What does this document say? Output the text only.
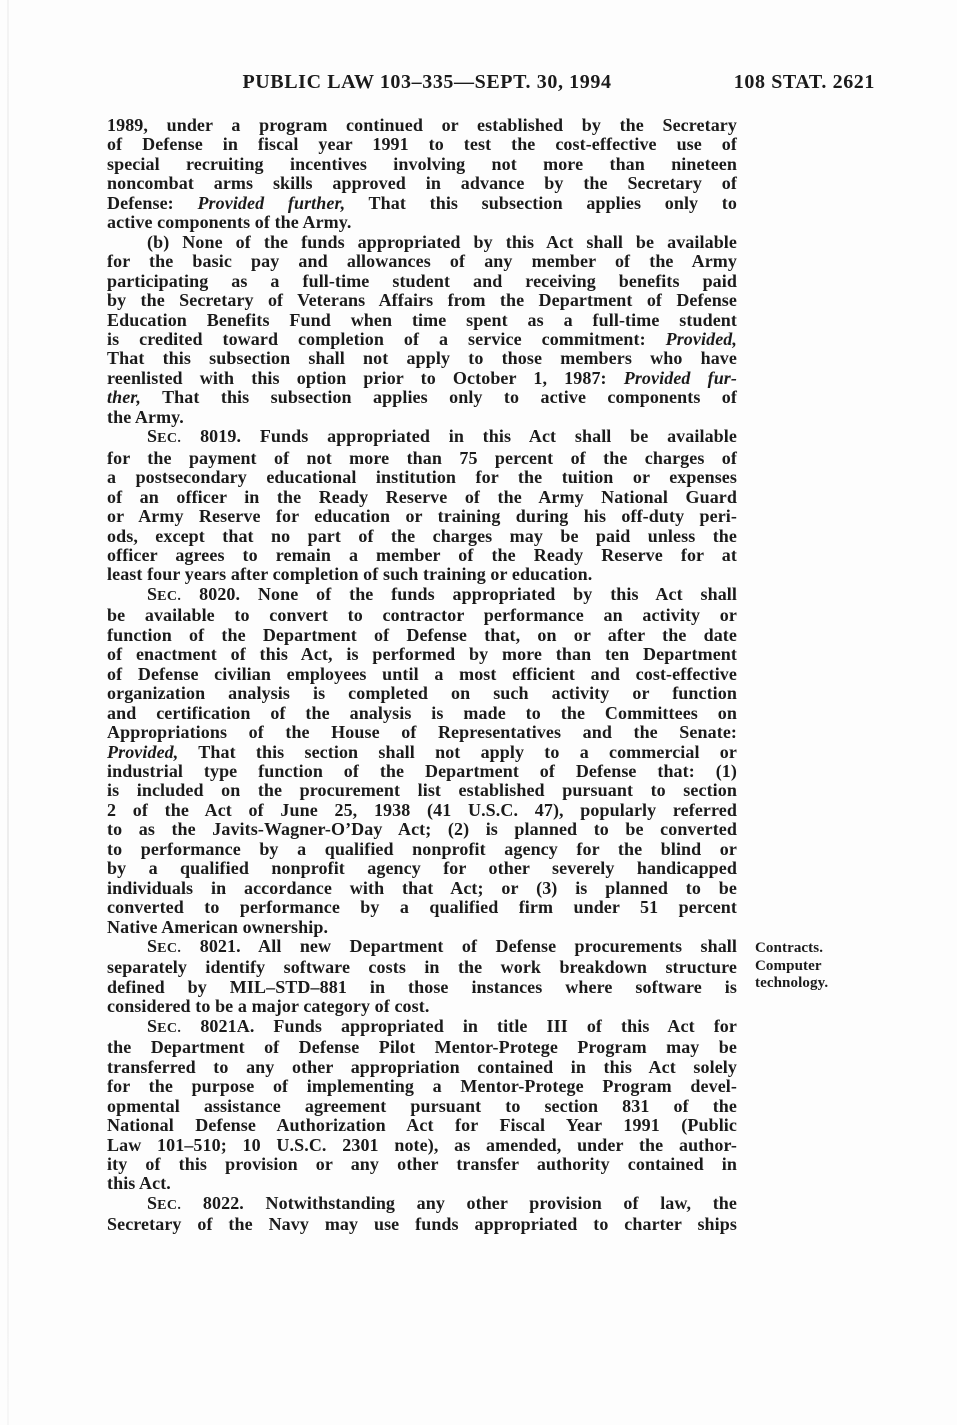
PUBLIC LAW 103–335—SEPT. 30, 1994	108 STAT. 2621
1989, under a program continued or established by the Secretary
of Defense in fiscal year 1991 to test the cost-effective use of
special recruiting incentives involving not more than nineteen
noncombat arms skills approved in advance by the Secretary of
Defense: Provided further, That this subsection applies only to
active components of the Army.
(b) None of the funds appropriated by this Act shall be available
for the basic pay and allowances of any member of the Army
participating as a full-time student and receiving benefits paid
by the Secretary of Veterans Affairs from the Department of Defense
Education Benefits Fund when time spent as a full-time student
is credited toward completion of a service commitment: Provided,
That this subsection shall not apply to those members who have
reenlisted with this option prior to October 1, 1987: Provided fur-
ther, That this subsection applies only to active components of
the Army.
SEC. 8019. Funds appropriated in this Act shall be available
for the payment of not more than 75 percent of the charges of
a postsecondary educational institution for the tuition or expenses
of an officer in the Ready Reserve of the Army National Guard
or Army Reserve for education or training during his off-duty peri-
ods, except that no part of the charges may be paid unless the
officer agrees to remain a member of the Ready Reserve for at
least four years after completion of such training or education.
SEC. 8020. None of the funds appropriated by this Act shall
be available to convert to contractor performance an activity or
function of the Department of Defense that, on or after the date
of enactment of this Act, is performed by more than ten Department
of Defense civilian employees until a most efficient and cost-effective
organization analysis is completed on such activity or function
and certification of the analysis is made to the Committees on
Appropriations of the House of Representatives and the Senate:
Provided, That this section shall not apply to a commercial or
industrial type function of the Department of Defense that: (1)
is included on the procurement list established pursuant to section
2 of the Act of June 25, 1938 (41 U.S.C. 47), popularly referred
to as the Javits-Wagner-O’Day Act; (2) is planned to be converted
to performance by a qualified nonprofit agency for the blind or
by a qualified nonprofit agency for other severely handicapped
individuals in accordance with that Act; or (3) is planned to be
converted to performance by a qualified firm under 51 percent
Native American ownership.
SEC. 8021. All new Department of Defense procurements shall
separately identify software costs in the work breakdown structure
defined by MIL–STD–881 in those instances where software is
considered to be a major category of cost.
Contracts.
Computer
technology.
SEC. 8021A. Funds appropriated in title III of this Act for
the Department of Defense Pilot Mentor-Protege Program may be
transferred to any other appropriation contained in this Act solely
for the purpose of implementing a Mentor-Protege Program devel-
opmental assistance agreement pursuant to section 831 of the
National Defense Authorization Act for Fiscal Year 1991 (Public
Law 101–510; 10 U.S.C. 2301 note), as amended, under the author-
ity of this provision or any other transfer authority contained in
this Act.
SEC. 8022. Notwithstanding any other provision of law, the
Secretary of the Navy may use funds appropriated to charter ships
